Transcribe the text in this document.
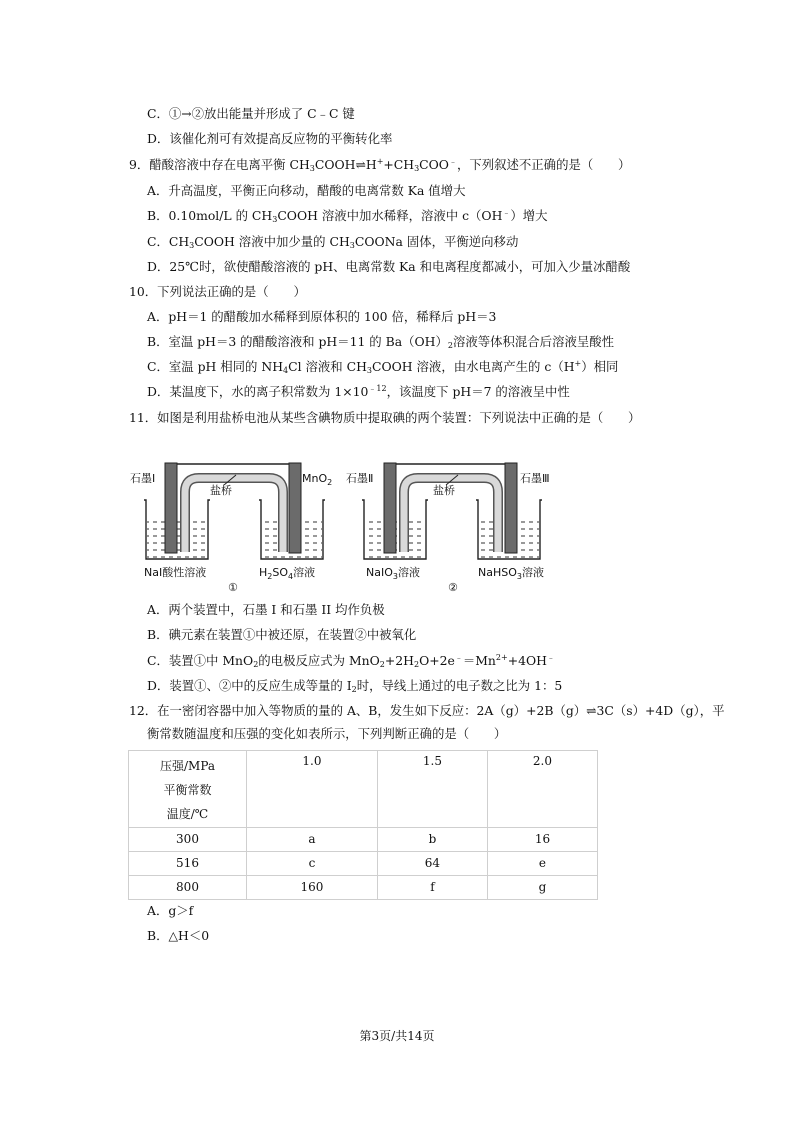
C．①→②放出能量并形成了 C﹣C 键
D．该催化剂可有效提高反应物的平衡转化率
9．醋酸溶液中存在电离平衡 $CH_3COOH\rightleftharpoons H^++CH_3COO^﹣$，下列叙述不正确的是（　　）
A．升高温度，平衡正向移动，醋酸的电离常数 Ka 值增大
B．0.10mol/L 的 $CH_3COOH$ 溶液中加水稀释，溶液中 c（OH﹣）增大
C．$CH_3COOH$ 溶液中加少量的 $CH_3COONa$ 固体，平衡逆向移动
D．25℃时，欲使醋酸溶液的 pH、电离常数 Ka 和电离程度都减小，可加入少量冰醋酸
10．下列说法正确的是（　　）
A．pH＝1 的醋酸加水稀释到原体积的 100 倍，稀释后 pH＝3
B．室温 pH＝3 的醋酸溶液和 pH＝11 的 $Ba(OH)_2$溶液等体积混合后溶液呈酸性
C．室温 pH 相同的 $NH_4Cl$ 溶液和 $CH_3COOH$ 溶液，由水电离产生的 c（H+）相同
D．某温度下，水的离子积常数为 $1\times 10^{﹣12}$，该温度下 pH＝7 的溶液呈中性
11．如图是利用盐桥电池从某些含碘物质中提取碘的两个装置：下列说法中正确的是（　　）
石墨Ⅰ
盐桥
MnO$_2$
NaI酸性溶液	$H_2SO_4$溶液
①
石墨Ⅱ
盐桥
石墨Ⅲ
NaIO$_3$溶液	NaHSO$_3$溶液
②
A．两个装置中，石墨 I 和石墨 II 均作负极
B．碘元素在装置①中被还原，在装置②中被氧化
C．装置①中 MnO$_2$的电极反应式为 $MnO_2+2H_2O+2e^﹣=Mn^{2+}+4OH^﹣$
D．装置①、②中的反应生成等量的 $I_2$时，导线上通过的电子数之比为 1：5
12．在一密闭容器中加入等物质的量的 A、B，发生如下反应：2A（g）+2B（g）⇌3C（s）+4D（g），平
衡常数随温度和压强的变化如表所示，下列判断正确的是（　　）
压强/MPa
平衡常数
温度/℃	1.0	1.5	2.0
300	a	b	16
516	c	64	e
800	160	f	g
A．g＞f
B．△H＜0
第3页/共14页
